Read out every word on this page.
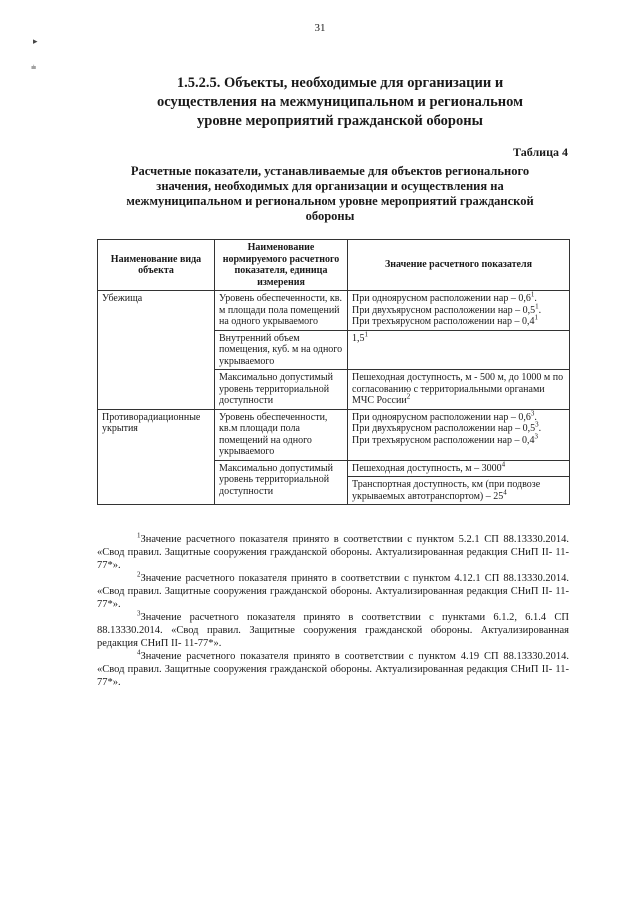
31
▸
⩧
1.5.2.5. Объекты, необходимые для организации и осуществления на межмуниципальном и региональном уровне мероприятий гражданской обороны
Таблица 4
Расчетные показатели, устанавливаемые для объектов регионального значения, необходимых для организации и осуществления на межмуниципальном и региональном уровне мероприятий гражданской обороны
Наименование вида объекта	Наименование нормируемого расчетного показателя, единица измерения	Значение расчетного показателя
Убежища	Уровень обеспеченности, кв. м площади пола помещений на одного укрываемого	При одноярусном расположении нар – $0,6^1$.
При двухъярусном расположении нар – $0,5^1$.
При трехъярусном расположении нар – $0,4^1$

	Внутренний объем помещения, куб. м на одного укрываемого	$1,5^1$

	Максимально допустимый уровень территориальной доступности	Пешеходная доступность, м - 500 м, до 1000 м по согласованию с территориальными органами МЧС России$^2$

Противорадиационные укрытия	Уровень обеспеченности, кв.м площади пола помещений на одного укрываемого	При одноярусном расположении нар – $0,6^3$.
При двухъярусном расположении нар – $0,5^3$.
При трехъярусном расположении нар – $0,4^3$

	Максимально допустимый уровень территориальной доступности	Пешеходная доступность, м – 3000$^4$

		Транспортная доступность, км (при подвозе укрываемых автотранспортом) – $25^4$

$^1$Значение расчетного показателя принято в соответствии с пунктом 5.2.1 СП 88.13330.2014. «Свод правил. Защитные сооружения гражданской обороны. Актуализированная редакция СНиП II- 11-77*».

$^2$Значение расчетного показателя принято в соответствии с пунктом 4.12.1 СП 88.13330.2014. «Свод правил. Защитные сооружения гражданской обороны. Актуализированная редакция СНиП II- 11-77*».

$^3$Значение расчетного показателя принято в соответствии с пунктами 6.1.2, 6.1.4 СП 88.13330.2014. «Свод правил. Защитные сооружения гражданской обороны. Актуализированная редакция СНиП II- 11-77*».

$^4$Значение расчетного показателя принято в соответствии с пунктом 4.19 СП 88.13330.2014. «Свод правил. Защитные сооружения гражданской обороны. Актуализированная редакция СНиП II- 11-77*».
